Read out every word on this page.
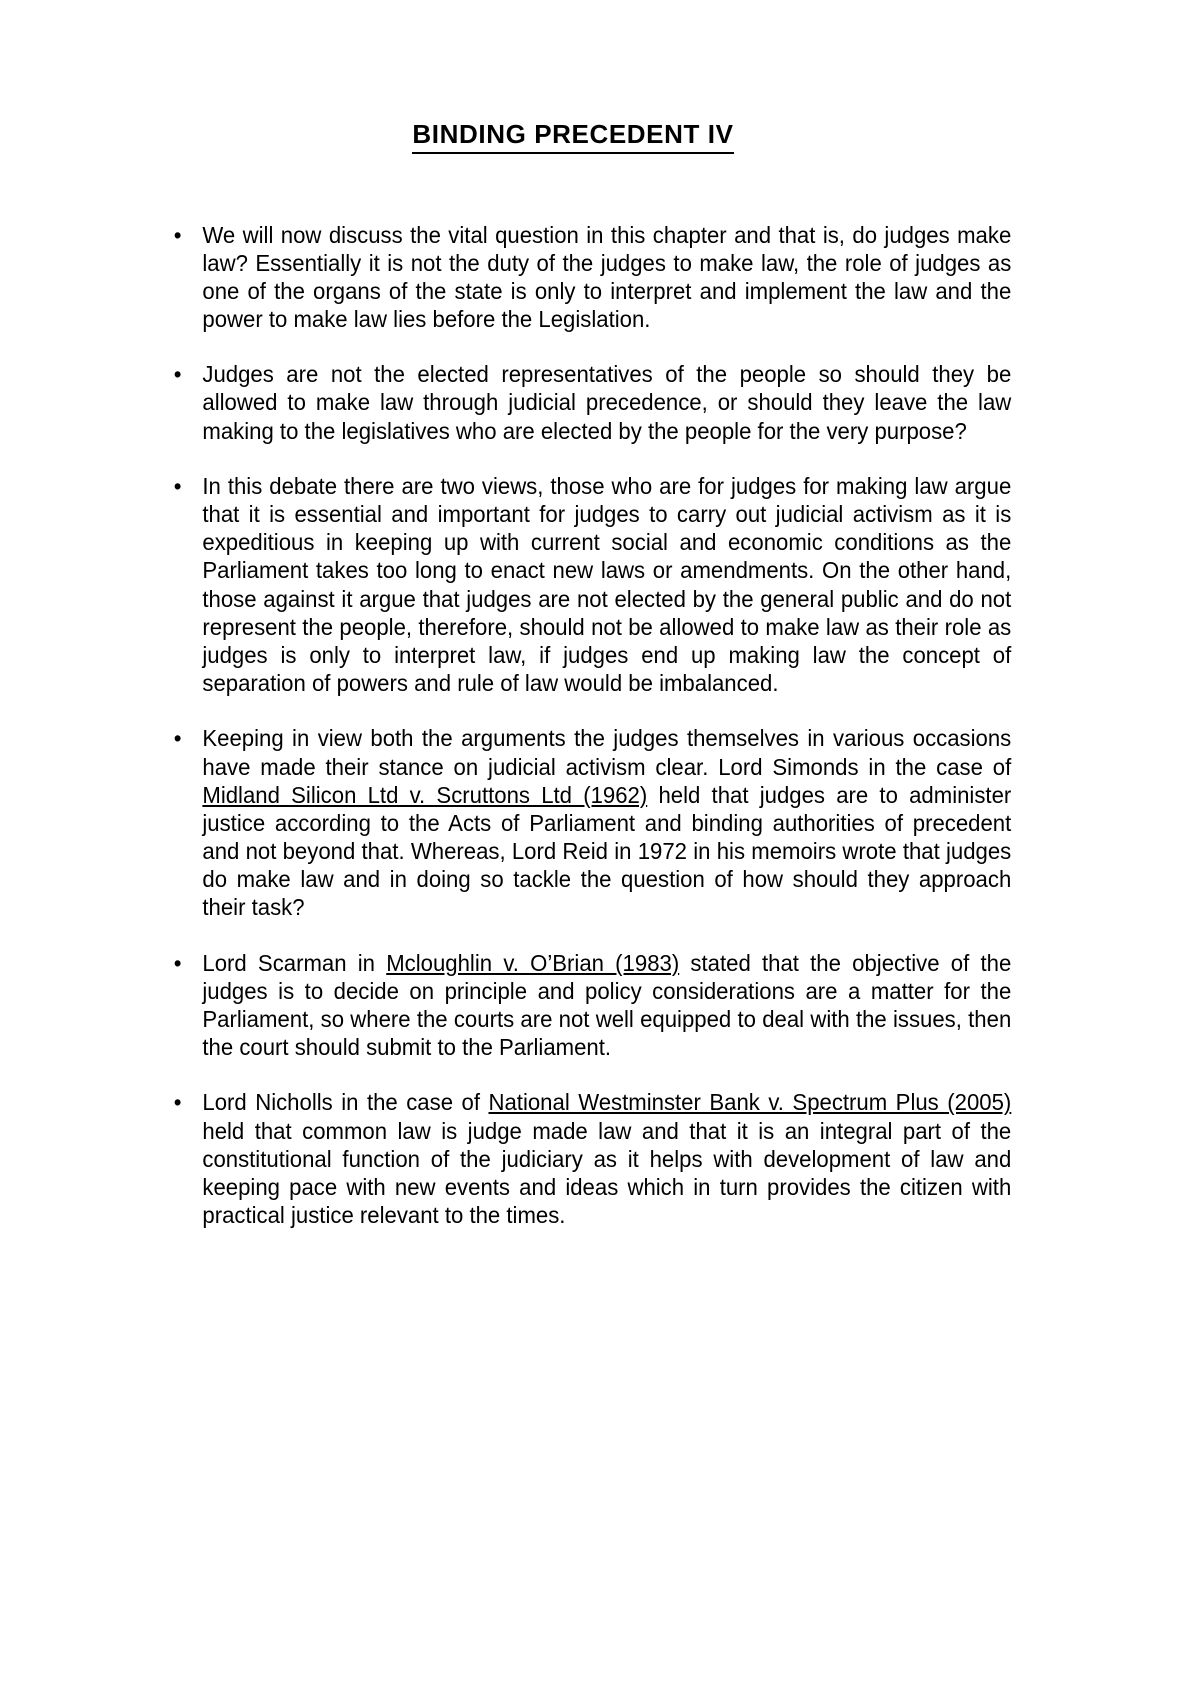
BINDING PRECEDENT IV
• We will now discuss the vital question in this chapter and that is, do judges make law? Essentially it is not the duty of the judges to make law, the role of judges as one of the organs of the state is only to interpret and implement the law and the power to make law lies before the Legislation.
• Judges are not the elected representatives of the people so should they be allowed to make law through judicial precedence, or should they leave the law making to the legislatives who are elected by the people for the very purpose?
• In this debate there are two views, those who are for judges for making law argue that it is essential and important for judges to carry out judicial activism as it is expeditious in keeping up with current social and economic conditions as the Parliament takes too long to enact new laws or amendments. On the other hand, those against it argue that judges are not elected by the general public and do not represent the people, therefore, should not be allowed to make law as their role as judges is only to interpret law, if judges end up making law the concept of separation of powers and rule of law would be imbalanced.
• Keeping in view both the arguments the judges themselves in various occasions have made their stance on judicial activism clear. Lord Simonds in the case of Midland Silicon Ltd v. Scruttons Ltd (1962) held that judges are to administer justice according to the Acts of Parliament and binding authorities of precedent and not beyond that. Whereas, Lord Reid in 1972 in his memoirs wrote that judges do make law and in doing so tackle the question of how should they approach their task?
• Lord Scarman in Mcloughlin v. O’Brian (1983) stated that the objective of the judges is to decide on principle and policy considerations are a matter for the Parliament, so where the courts are not well equipped to deal with the issues, then the court should submit to the Parliament.
• Lord Nicholls in the case of National Westminster Bank v. Spectrum Plus (2005) held that common law is judge made law and that it is an integral part of the constitutional function of the judiciary as it helps with development of law and keeping pace with new events and ideas which in turn provides the citizen with practical justice relevant to the times.
